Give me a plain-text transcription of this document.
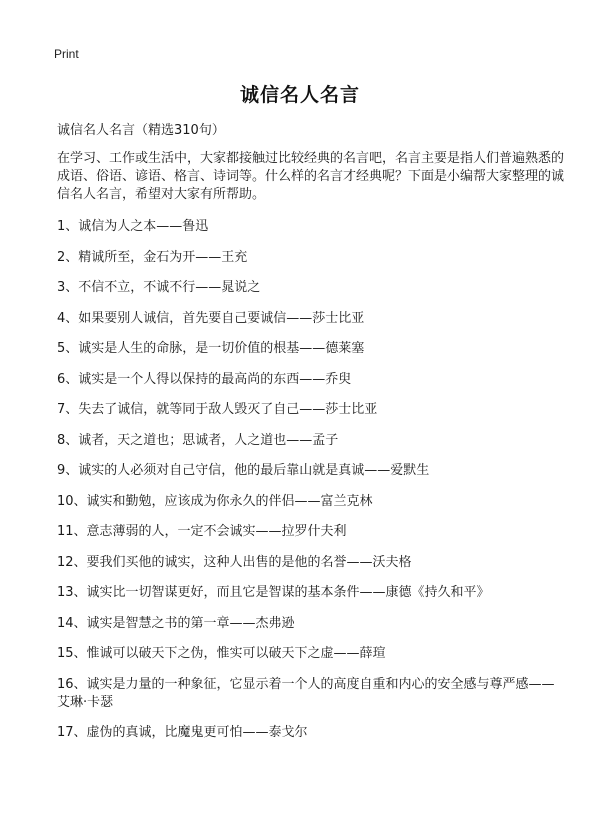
Print
诚信名人名言
诚信名人名言（精选310句）
在学习、工作或生活中，大家都接触过比较经典的名言吧，名言主要是指人们普遍熟悉的成语、俗语、谚语、格言、诗词等。什么样的名言才经典呢？下面是小编帮大家整理的诚信名人名言，希望对大家有所帮助。
1、诚信为人之本——鲁迅
2、精诚所至，金石为开——王充
3、不信不立，不诚不行——晁说之
4、如果要别人诚信，首先要自己要诚信——莎士比亚
5、诚实是人生的命脉，是一切价值的根基——德莱塞
6、诚实是一个人得以保持的最高尚的东西——乔臾
7、失去了诚信，就等同于敌人毁灭了自己——莎士比亚
8、诚者，天之道也；思诚者，人之道也——孟子
9、诚实的人必须对自己守信，他的最后靠山就是真诚——爱默生
10、诚实和勤勉，应该成为你永久的伴侣——富兰克林
11、意志薄弱的人，一定不会诚实——拉罗什夫利
12、要我们买他的诚实，这种人出售的是他的名誉——沃夫格
13、诚实比一切智谋更好，而且它是智谋的基本条件——康德《持久和平》
14、诚实是智慧之书的第一章——杰弗逊
15、惟诚可以破天下之伪，惟实可以破天下之虚——薛瑄
16、诚实是力量的一种象征，它显示着一个人的高度自重和内心的安全感与尊严感——艾琳·卡瑟
17、虚伪的真诚，比魔鬼更可怕——泰戈尔
